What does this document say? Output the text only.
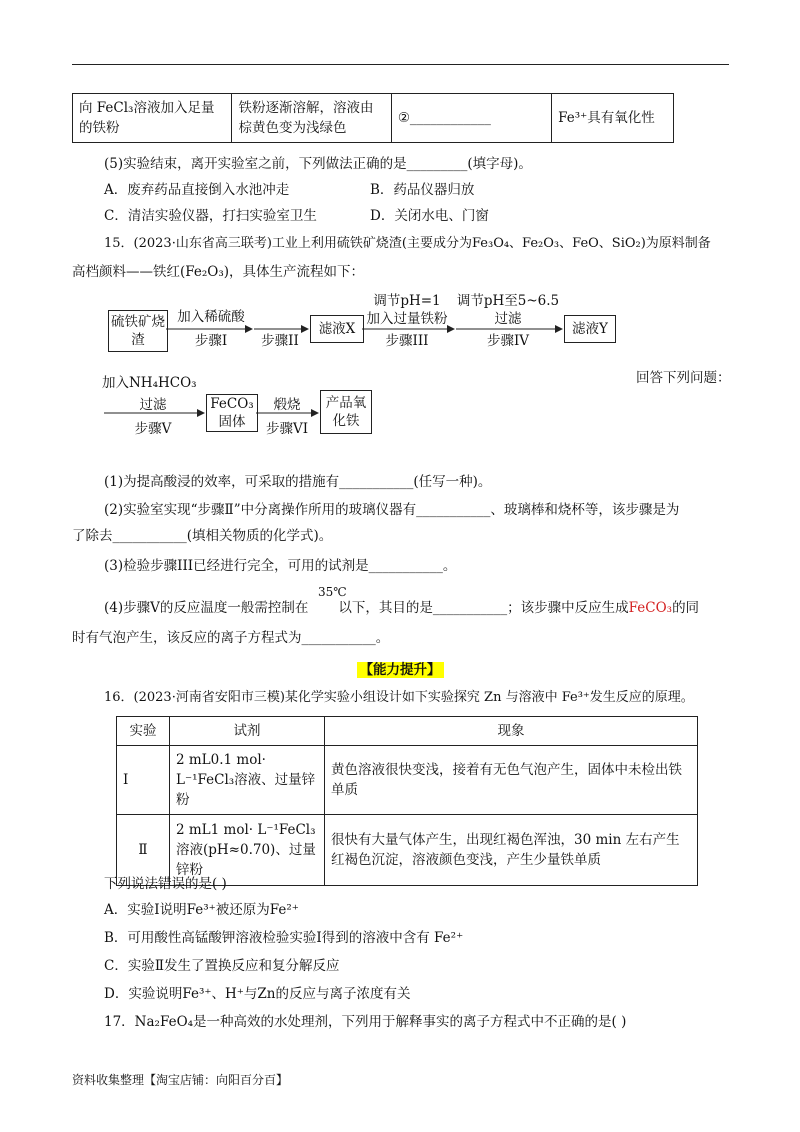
向 FeCl₃溶液加入足量的铁粉	铁粉逐渐溶解，溶液由棕黄色变为浅绿色	②____________	Fe³⁺具有氧化性
(5)实验结束，离开实验室之前，下列做法正确的是_________(填字母)。
A．废弃药品直接倒入水池冲走	B．药品仪器归放
C．清洁实验仪器，打扫实验室卫生	D．关闭水电、门窗
15．(2023·山东省高三联考)工业上利用硫铁矿烧渣(主要成分为Fe₃O₄、Fe₂O₃、FeO、SiO₂)为原料制备
高档颜料——铁红(Fe₂O₃)，具体生产流程如下：
硫铁矿烧渣
加入稀硫酸
步骤I	步骤II
滤液X
调节pH=1
加入过量铁粉
步骤III
调节pH至5~6.5
过滤
步骤IV
滤液Y
加入NH₄HCO₃
过滤
步骤V
FeCO₃固体
煅烧
步骤VI
产品氧化铁
回答下列问题：
(1)为提高酸浸的效率，可采取的措施有___________(任写一种)。
(2)实验室实现“步骤Ⅱ”中分离操作所用的玻璃仪器有___________、玻璃棒和烧杯等，该步骤是为
了除去___________(填相关物质的化学式)。
(3)检验步骤III已经进行完全，可用的试剂是___________。
35℃
(4)步骤Ⅴ的反应温度一般需控制在 以下，其目的是___________；该步骤中反应生成FeCO₃的同
时有气泡产生，该反应的离子方程式为___________。
【能力提升】
16．(2023·河南省安阳市三模)某化学实验小组设计如下实验探究 Zn 与溶液中 Fe³⁺发生反应的原理。
实验	试剂	现象
I	2 mL0.1 mol· L⁻¹FeCl₃溶液、过量锌粉	黄色溶液很快变浅，接着有无色气泡产生，固体中未检出铁单质
Ⅱ	2 mL1 mol· L⁻¹FeCl₃溶液(pH≈0.70)、过量锌粉	很快有大量气体产生，出现红褐色浑浊，30 min 左右产生红褐色沉淀，溶液颜色变浅，产生少量铁单质
下列说法错误的是( )
A．实验Ⅰ说明Fe³⁺被还原为Fe²⁺
B．可用酸性高锰酸钾溶液检验实验Ⅰ得到的溶液中含有 Fe²⁺
C．实验Ⅱ发生了置换反应和复分解反应
D．实验说明Fe³⁺、H⁺与Zn的反应与离子浓度有关
17．Na₂FeO₄是一种高效的水处理剂，下列用于解释事实的离子方程式中不正确的是( )
资料收集整理【淘宝店铺：向阳百分百】
